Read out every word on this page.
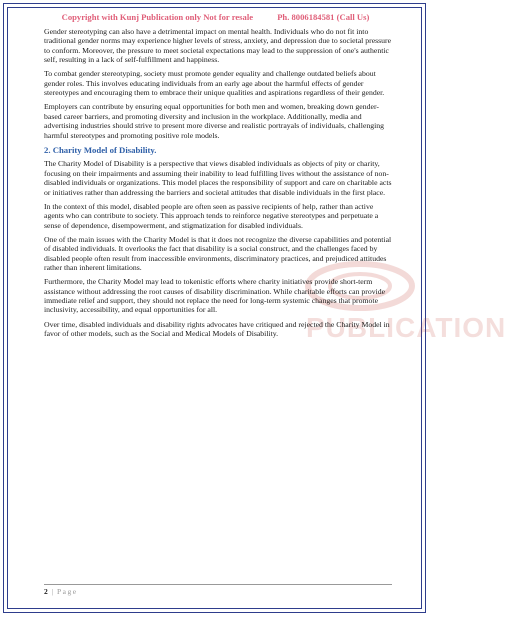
Copyright with Kunj Publication only Not for resale	Ph. 8006184581 (Call Us)
PUBLICATION

Gender stereotyping can also have a detrimental impact on mental health. Individuals who do not fit into traditional gender norms may experience higher levels of stress, anxiety, and depression due to societal pressure to conform. Moreover, the pressure to meet societal expectations may lead to the suppression of one's authentic self, resulting in a lack of self-fulfillment and happiness.

To combat gender stereotyping, society must promote gender equality and challenge outdated beliefs about gender roles. This involves educating individuals from an early age about the harmful effects of gender stereotypes and encouraging them to embrace their unique qualities and aspirations regardless of their gender.

Employers can contribute by ensuring equal opportunities for both men and women, breaking down gender-based career barriers, and promoting diversity and inclusion in the workplace. Additionally, media and advertising industries should strive to present more diverse and realistic portrayals of individuals, challenging harmful stereotypes and promoting positive role models.

2. Charity Model of Disability.

The Charity Model of Disability is a perspective that views disabled individuals as objects of pity or charity, focusing on their impairments and assuming their inability to lead fulfilling lives without the assistance of non-disabled individuals or organizations. This model places the responsibility of support and care on charitable acts or initiatives rather than addressing the barriers and societal attitudes that disable individuals in the first place.

In the context of this model, disabled people are often seen as passive recipients of help, rather than active agents who can contribute to society. This approach tends to reinforce negative stereotypes and perpetuate a sense of dependence, disempowerment, and stigmatization for disabled individuals.

One of the main issues with the Charity Model is that it does not recognize the diverse capabilities and potential of disabled individuals. It overlooks the fact that disability is a social construct, and the challenges faced by disabled people often result from inaccessible environments, discriminatory practices, and prejudiced attitudes rather than inherent limitations.

Furthermore, the Charity Model may lead to tokenistic efforts where charity initiatives provide short-term assistance without addressing the root causes of disability discrimination. While charitable efforts can provide immediate relief and support, they should not replace the need for long-term systemic changes that promote inclusivity, accessibility, and equal opportunities for all.

Over time, disabled individuals and disability rights advocates have critiqued and rejected the Charity Model in favor of other models, such as the Social and Medical Models of Disability.

2 | Page
